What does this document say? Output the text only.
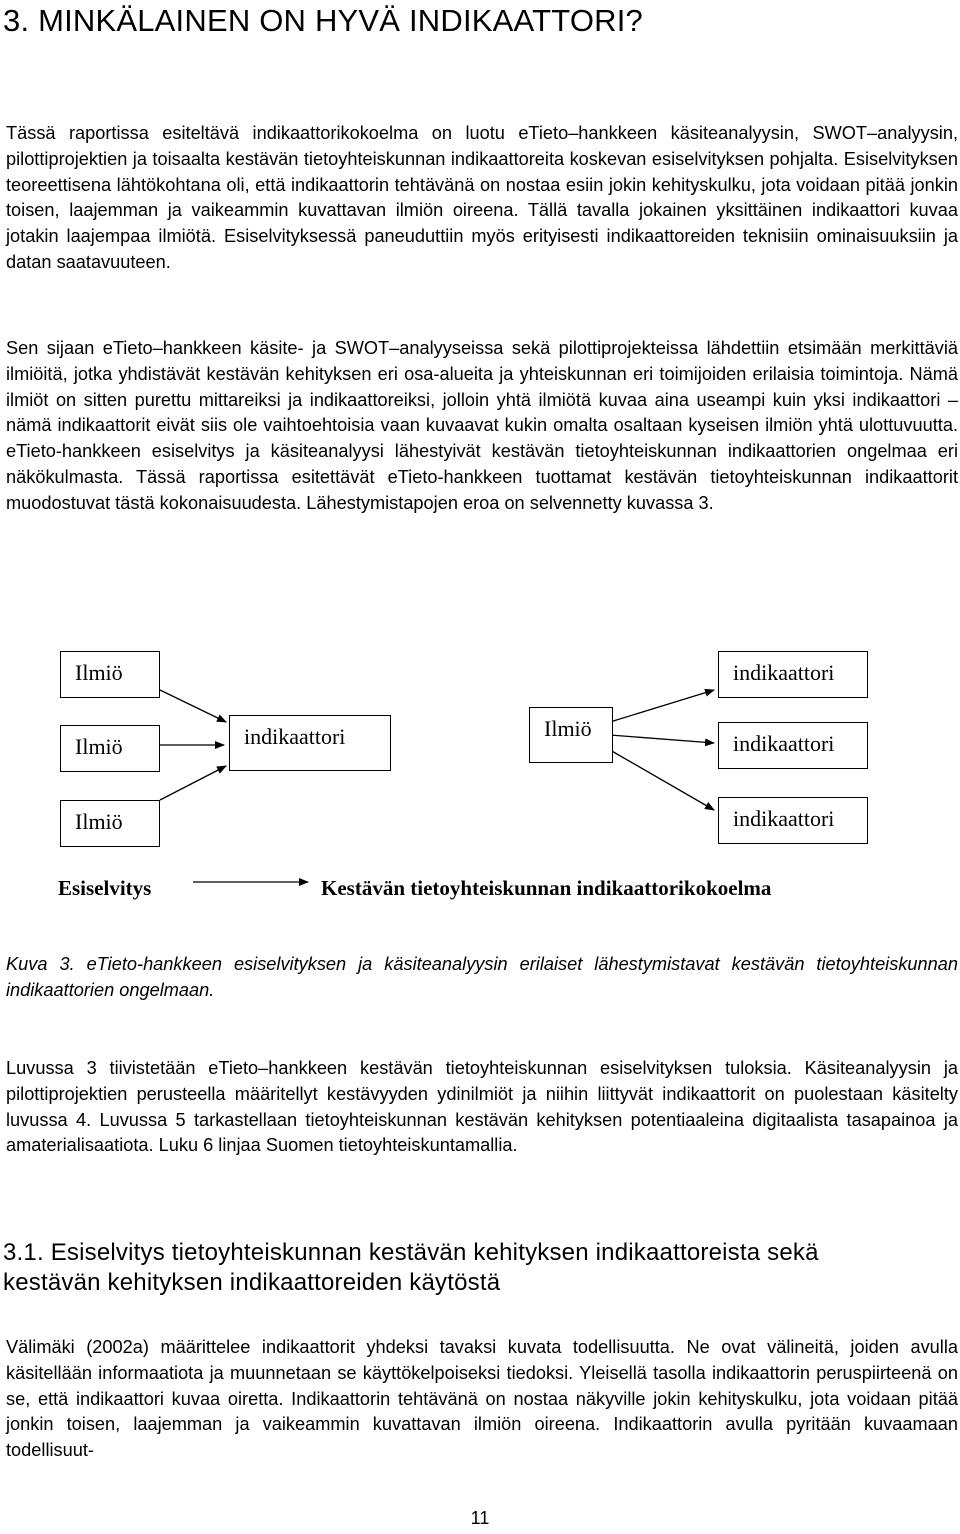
3. MINKÄLAINEN ON HYVÄ INDIKAATTORI?

Tässä raportissa esiteltävä indikaattorikokoelma on luotu eTieto–hankkeen käsiteanalyysin, SWOT–analyysin, pilottiprojektien ja toisaalta kestävän tietoyhteiskunnan indikaattoreita koskevan esiselvityksen pohjalta. Esiselvityksen teoreettisena lähtökohtana oli, että indikaattorin tehtävänä on nostaa esiin jokin kehityskulku, jota voidaan pitää jonkin toisen, laajemman ja vaikeammin kuvattavan ilmiön oireena. Tällä tavalla jokainen yksittäinen indikaattori kuvaa jotakin laajempaa ilmiötä. Esiselvityksessä paneuduttiin myös erityisesti indikaattoreiden teknisiin ominaisuuksiin ja datan saatavuuteen.

Sen sijaan eTieto–hankkeen käsite- ja SWOT–analyyseissa sekä pilottiprojekteissa lähdettiin etsimään merkittäviä ilmiöitä, jotka yhdistävät kestävän kehityksen eri osa-alueita ja yhteiskunnan eri toimijoiden erilaisia toimintoja. Nämä ilmiöt on sitten purettu mittareiksi ja indikaattoreiksi, jolloin yhtä ilmiötä kuvaa aina useampi kuin yksi indikaattori – nämä indikaattorit eivät siis ole vaihtoehtoisia vaan kuvaavat kukin omalta osaltaan kyseisen ilmiön yhtä ulottuvuutta. eTieto-hankkeen esiselvitys ja käsiteanalyysi lähestyivät kestävän tietoyhteiskunnan indikaattorien ongelmaa eri näkökulmasta. Tässä raportissa esitettävät eTieto-hankkeen tuottamat kestävän tietoyhteiskunnan indikaattorit muodostuvat tästä kokonaisuudesta. Lähestymistapojen eroa on selvennetty kuvassa 3.

Ilmiö
Ilmiö
Ilmiö
indikaattori	Ilmiö
indikaattori
indikaattori
indikaattori
Esiselvitys	Kestävän tietoyhteiskunnan indikaattorikokoelma

Kuva 3. eTieto-hankkeen esiselvityksen ja käsiteanalyysin erilaiset lähestymistavat kestävän tietoyhteiskunnan indikaattorien ongelmaan.

Luvussa 3 tiivistetään eTieto–hankkeen kestävän tietoyhteiskunnan esiselvityksen tuloksia. Käsiteanalyysin ja pilottiprojektien perusteella määritellyt kestävyyden ydinilmiöt ja niihin liittyvät indikaattorit on puolestaan käsitelty luvussa 4. Luvussa 5 tarkastellaan tietoyhteiskunnan kestävän kehityksen potentiaaleina digitaalista tasapainoa ja amaterialisaatiota. Luku 6 linjaa Suomen tietoyhteiskuntamallia.

3.1. Esiselvitys tietoyhteiskunnan kestävän kehityksen indikaattoreista sekä kestävän kehityksen indikaattoreiden käytöstä

Välimäki (2002a) määrittelee indikaattorit yhdeksi tavaksi kuvata todellisuutta. Ne ovat välineitä, joiden avulla käsitellään informaatiota ja muunnetaan se käyttökelpoiseksi tiedoksi. Yleisellä tasolla indikaattorin peruspiirteenä on se, että indikaattori kuvaa oiretta. Indikaattorin tehtävänä on nostaa näkyville jokin kehityskulku, jota voidaan pitää jonkin toisen, laajemman ja vaikeammin kuvattavan ilmiön oireena. Indikaattorin avulla pyritään kuvaamaan todellisuut-

11
